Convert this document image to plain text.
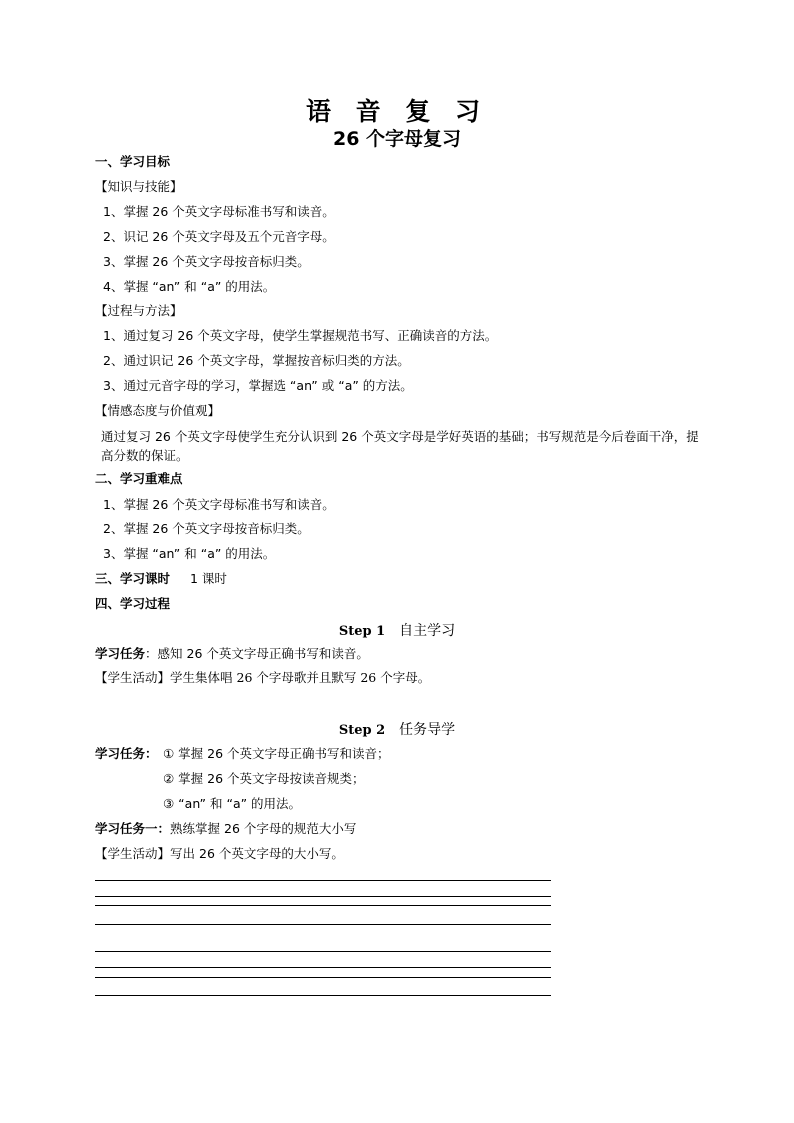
语 音 复 习
26 个字母复习
一、学习目标
【知识与技能】
1、掌握 26 个英文字母标准书写和读音。
2、识记 26 个英文字母及五个元音字母。
3、掌握 26 个英文字母按音标归类。
4、掌握 “an” 和 “a” 的用法。
【过程与方法】
1、通过复习 26 个英文字母，使学生掌握规范书写、正确读音的方法。
2、通过识记 26 个英文字母，掌握按音标归类的方法。
3、通过元音字母的学习，掌握选 “an” 或 “a” 的方法。
【情感态度与价值观】
通过复习 26 个英文字母使学生充分认识到 26 个英文字母是学好英语的基础；书写规范是今后卷面干净，提高分数的保证。
二、学习重难点
1、掌握 26 个英文字母标准书写和读音。
2、掌握 26 个英文字母按音标归类。
3、掌握 “an” 和 “a” 的用法。
三、学习课时 1 课时
四、学习过程
Step 1 自主学习
学习任务：感知 26 个英文字母正确书写和读音。
【学生活动】学生集体唱 26 个字母歌并且默写 26 个字母。
Step 2 任务导学
学习任务： ① 掌握 26 个英文字母正确书写和读音；
② 掌握 26 个英文字母按读音规类；
③ “an” 和 “a” 的用法。
学习任务一：熟练掌握 26 个字母的规范大小写
【学生活动】写出 26 个英文字母的大小写。
